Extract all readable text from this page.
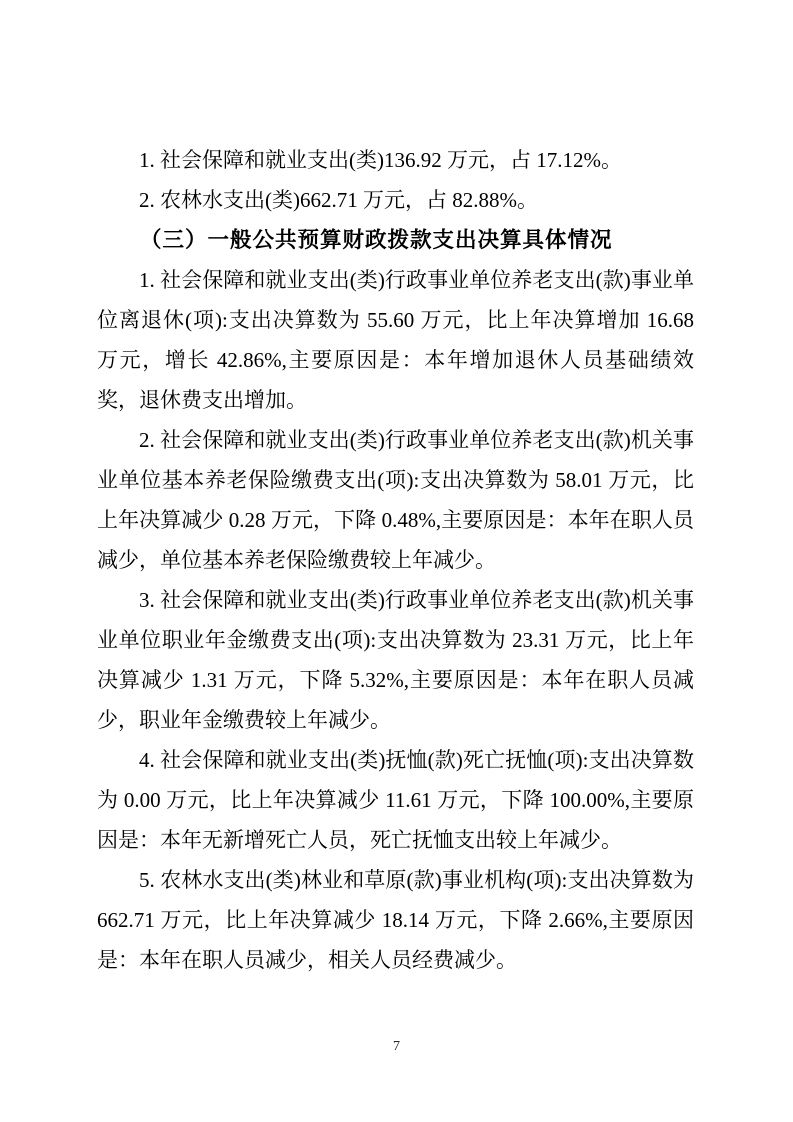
1. 社会保障和就业支出(类)136.92 万元，占 17.12%。

2. 农林水支出(类)662.71 万元，占 82.88%。

（三）一般公共预算财政拨款支出决算具体情况

1. 社会保障和就业支出(类)行政事业单位养老支出(款)事业单位离退休(项):支出决算数为 55.60 万元，比上年决算增加 16.68 万元，增长 42.86%,主要原因是：本年增加退休人员基础绩效奖，退休费支出增加。

2. 社会保障和就业支出(类)行政事业单位养老支出(款)机关事业单位基本养老保险缴费支出(项):支出决算数为 58.01 万元，比上年决算减少 0.28 万元，下降 0.48%,主要原因是：本年在职人员减少，单位基本养老保险缴费较上年减少。

3. 社会保障和就业支出(类)行政事业单位养老支出(款)机关事业单位职业年金缴费支出(项):支出决算数为 23.31 万元，比上年决算减少 1.31 万元，下降 5.32%,主要原因是：本年在职人员减少，职业年金缴费较上年减少。

4. 社会保障和就业支出(类)抚恤(款)死亡抚恤(项):支出决算数为 0.00 万元，比上年决算减少 11.61 万元，下降 100.00%,主要原因是：本年无新增死亡人员，死亡抚恤支出较上年减少。

5. 农林水支出(类)林业和草原(款)事业机构(项):支出决算数为 662.71 万元，比上年决算减少 18.14 万元，下降 2.66%,主要原因是：本年在职人员减少，相关人员经费减少。

7
